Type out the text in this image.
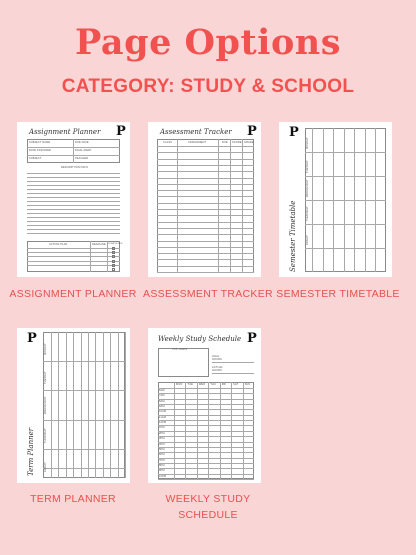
Page Options
CATEGORY: STUDY & SCHOOL
Assignment Planner P
SUBJECT NAME	DUE DATE
DATE ASSIGNED	FINAL MARK
SUBJECT	TEACHER
DESCRIPTION/ INFO
ACTION PLAN	DEADLINE COMPLETED
ASSIGNMENT PLANNER
Assessment Tracker P
CLASS	ASSIGNMENT	DUE SCORE GRADE
ASSESSMENT TRACKER
P
Semester Timetable
MONDAY
TUESDAY
WEDNESDAY
THURSDAY
FRIDAY
SEMESTER TIMETABLE
P
Term Planner
MONDAY
TUESDAY
WEDNESDAY
THURSDAY
FRIDAY
TERM PLANNER
Weekly Study Schedule P
TOP TASKS
GOAL HOURS
ACTUAL HOURS
MON TUE WED THU FRI	SAT SUN
6AM
7AM
8AM
9AM
10AM
11AM
12PM
1PM
2PM
3PM
4PM
5PM
6PM
7PM
8PM
9PM
10PM
WEEKLY STUDY
SCHEDULE
